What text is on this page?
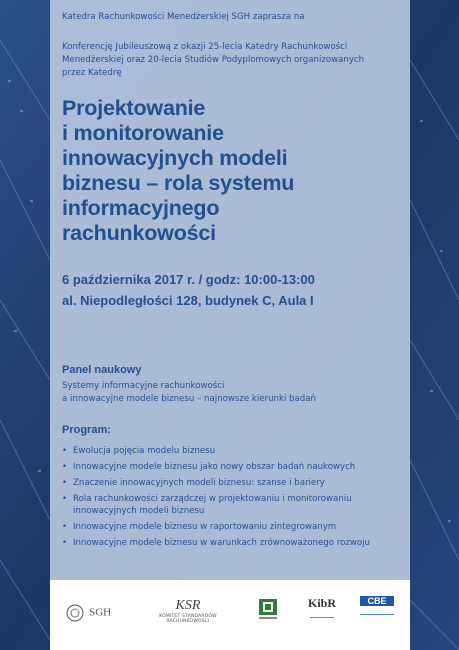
Katedra Rachunkowości Menedżerskiej SGH zaprasza na
Konferencję Jubileuszową z okazji 25-lecia Katedry Rachunkowości
Menedżerskiej oraz 20-lecia Studiów Podyplomowych organizowanych
przez Katedrę
Projektowanie
i monitorowanie
innowacyjnych modeli
biznesu – rola systemu
informacyjnego
rachunkowości
6 października 2017 r. / godz: 10:00-13:00
al. Niepodległości 128, budynek C, Aula I
Panel naukowy
Systemy informacyjne rachunkowości
a innowacyjne modele biznesu – najnowsze kierunki badań
Program:
• Ewolucja pojęcia modelu biznesu
• Innowacyjne modele biznesu jako nowy obszar badań naukowych
• Znaczenie innowacyjnych modeli biznesu: szanse i bariery
• Rola rachunkowości zarządczej w projektowaniu i monitorowaniu innowacyjnych modeli biznesu
• Innowacyjne modele biznesu w raportowaniu zintegrowanym
• Innowacyjne modele biznesu w warunkach zrównoważonego rozwoju
SGH	KSR
KOMITET STANDARDÓW RACHUNKOWOŚCI
KibR	CBE
